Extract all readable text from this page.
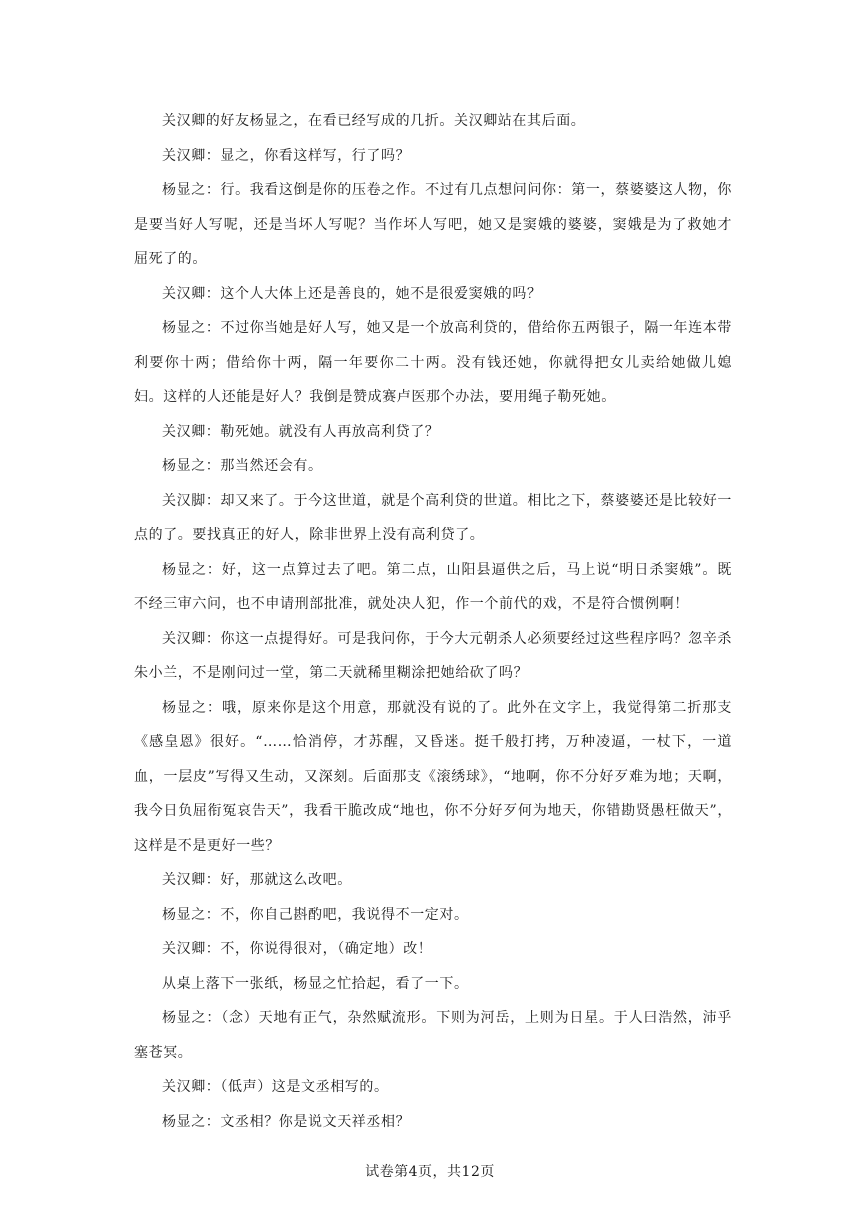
关汉卿的好友杨显之，在看已经写成的几折。关汉卿站在其后面。

关汉卿：显之，你看这样写，行了吗？

杨显之：行。我看这倒是你的压卷之作。不过有几点想问问你：第一，蔡婆婆这人物，你是要当好人写呢，还是当坏人写呢？当作坏人写吧，她又是窦娥的婆婆，窦娥是为了救她才屈死了的。

关汉卿：这个人大体上还是善良的，她不是很爱窦娥的吗？

杨显之：不过你当她是好人写，她又是一个放高利贷的，借给你五两银子，隔一年连本带利要你十两；借给你十两，隔一年要你二十两。没有钱还她，你就得把女儿卖给她做儿媳妇。这样的人还能是好人？我倒是赞成赛卢医那个办法，要用绳子勒死她。

关汉卿：勒死她。就没有人再放高利贷了？

杨显之：那当然还会有。

关汉脚：却又来了。于今这世道，就是个高利贷的世道。相比之下，蔡婆婆还是比较好一点的了。要找真正的好人，除非世界上没有高利贷了。

杨显之：好，这一点算过去了吧。第二点，山阳县逼供之后，马上说“明日杀窦娥”。既不经三审六问，也不申请刑部批准，就处决人犯，作一个前代的戏，不是符合惯例啊！

关汉卿：你这一点提得好。可是我问你，于今大元朝杀人必须要经过这些程序吗？忽辛杀朱小兰，不是刚问过一堂，第二天就稀里糊涂把她给砍了吗？

杨显之：哦，原来你是这个用意，那就没有说的了。此外在文字上，我觉得第二折那支《感皇恩》很好。“……恰消停，才苏醒，又昏迷。挺千般打拷，万种凌逼，一杖下，一道血，一层皮”写得又生动，又深刻。后面那支《滚绣球》，“地啊，你不分好歹难为地；天啊，我今日负屈衔冤哀告天”，我看干脆改成“地也，你不分好歹何为地天，你错勘贤愚枉做天”，这样是不是更好一些？

关汉卿：好，那就这么改吧。

杨显之：不，你自己斟酌吧，我说得不一定对。

关汉卿：不，你说得很对，（确定地）改！

从桌上落下一张纸，杨显之忙拾起，看了一下。

杨显之：（念）天地有正气，杂然赋流形。下则为河岳，上则为日星。于人曰浩然，沛乎塞苍冥。

关汉卿：（低声）这是文丞相写的。

杨显之：文丞相？你是说文天祥丞相？

试卷第4页，共12页
